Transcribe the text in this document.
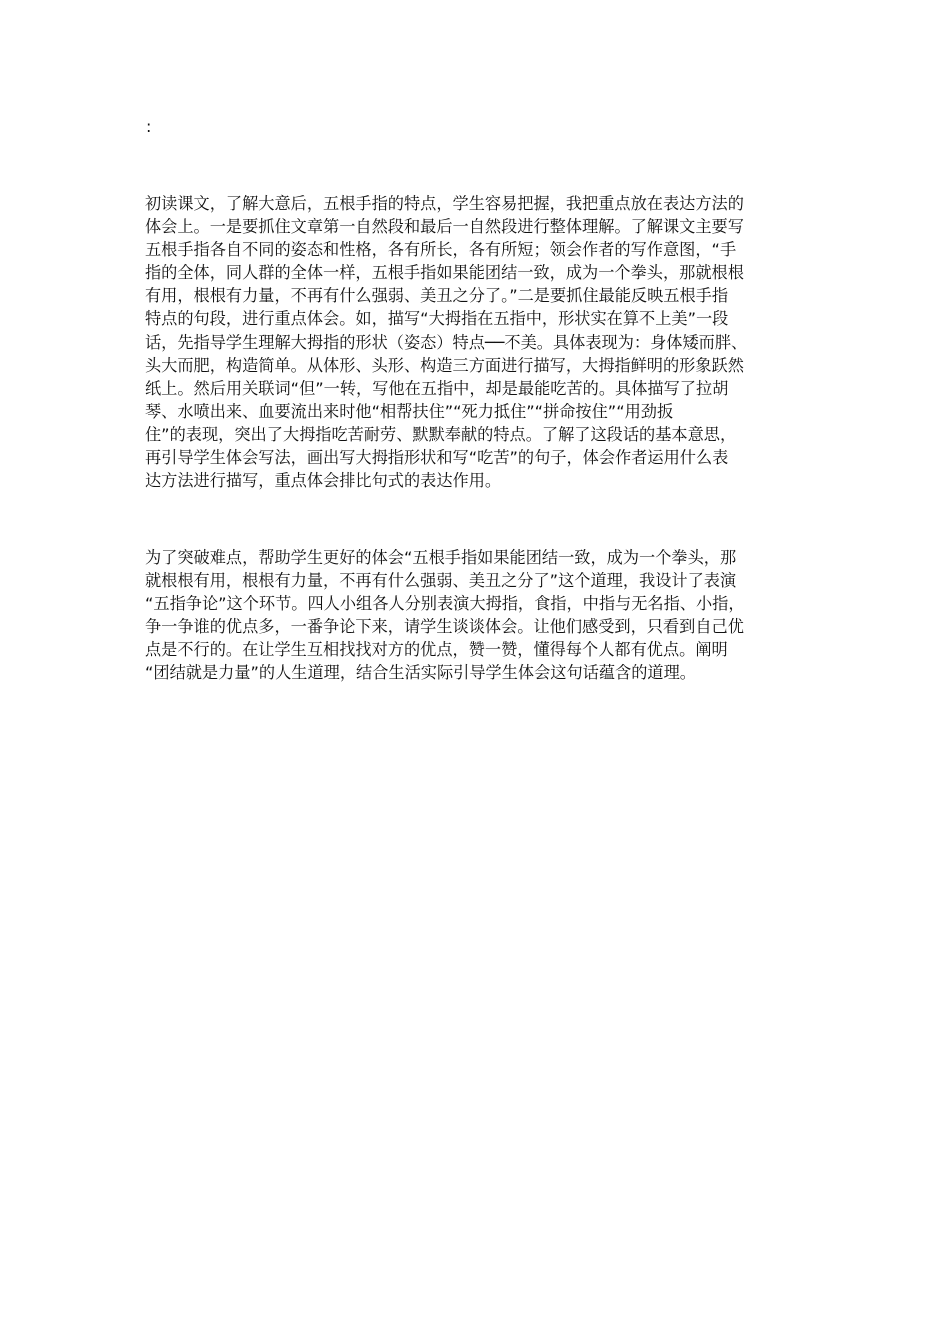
:
初读课文，了解大意后，五根手指的特点，学生容易把握，我把重点放在表达方法的
体会上。一是要抓住文章第一自然段和最后一自然段进行整体理解。了解课文主要写
五根手指各自不同的姿态和性格，各有所长，各有所短；领会作者的写作意图，“手
指的全体，同人群的全体一样，五根手指如果能团结一致，成为一个拳头，那就根根
有用，根根有力量，不再有什么强弱、美丑之分了。”二是要抓住最能反映五根手指
特点的句段，进行重点体会。如，描写“大拇指在五指中，形状实在算不上美”一段
话，先指导学生理解大拇指的形状（姿态）特点──不美。具体表现为：身体矮而胖、
头大而肥，构造简单。从体形、头形、构造三方面进行描写，大拇指鲜明的形象跃然
纸上。然后用关联词“但”一转，写他在五指中，却是最能吃苦的。具体描写了拉胡
琴、水喷出来、血要流出来时他“相帮扶住”“死力抵住”“拼命按住”“用劲扳
住”的表现，突出了大拇指吃苦耐劳、默默奉献的特点。了解了这段话的基本意思，
再引导学生体会写法，画出写大拇指形状和写“吃苦”的句子，体会作者运用什么表
达方法进行描写，重点体会排比句式的表达作用。
为了突破难点，帮助学生更好的体会“五根手指如果能团结一致，成为一个拳头，那
就根根有用，根根有力量，不再有什么强弱、美丑之分了”这个道理，我设计了表演
“五指争论”这个环节。四人小组各人分别表演大拇指，食指，中指与无名指、小指，
争一争谁的优点多，一番争论下来，请学生谈谈体会。让他们感受到，只看到自己优
点是不行的。在让学生互相找找对方的优点，赞一赞，懂得每个人都有优点。阐明
“团结就是力量”的人生道理，结合生活实际引导学生体会这句话蕴含的道理。
